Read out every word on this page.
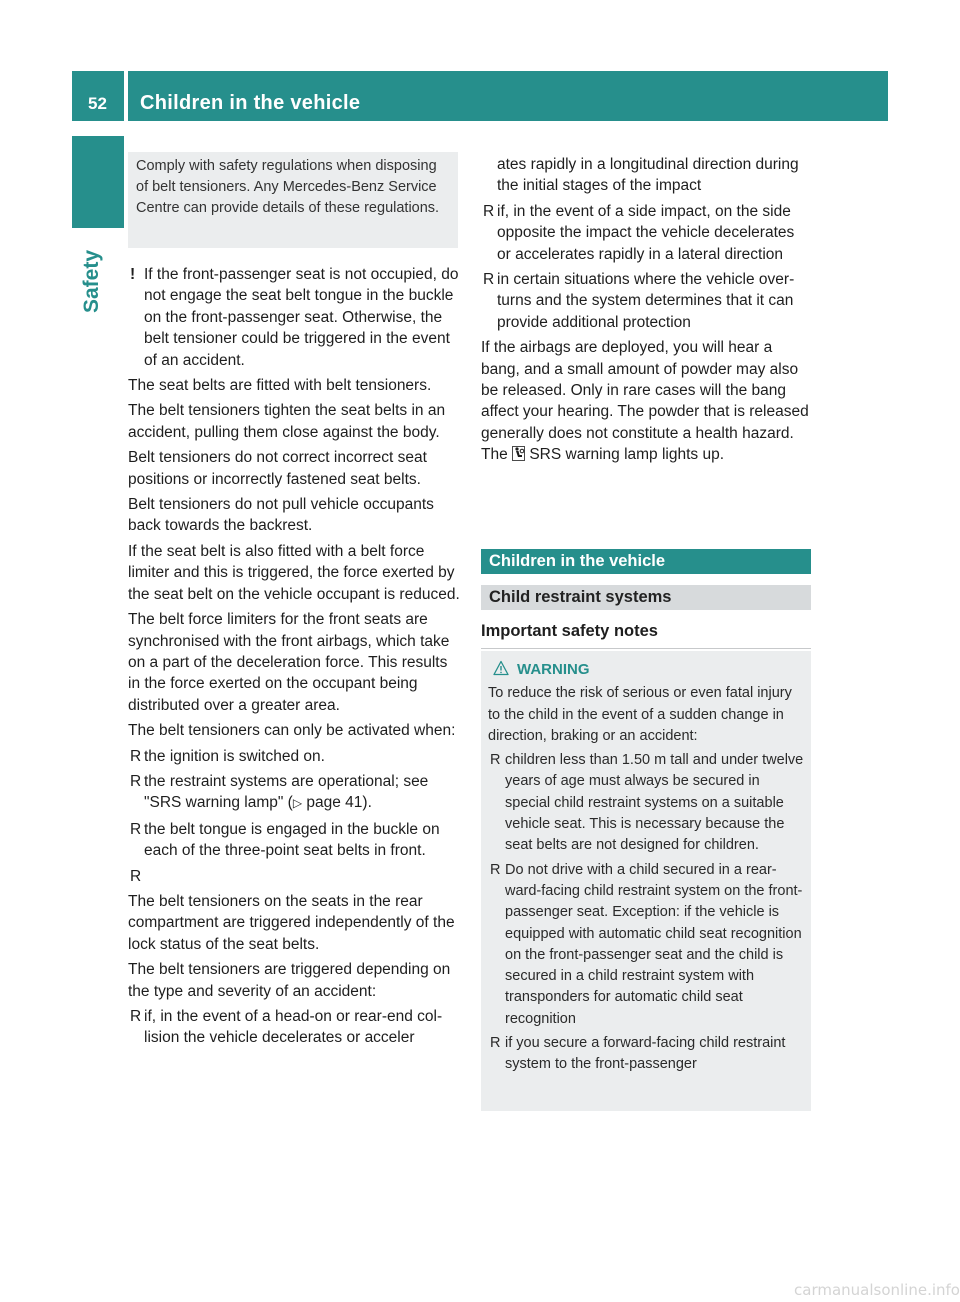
52 Children in the vehicle
Safety
Comply with safety regulations when disposing of belt tensioners. Any Mercedes-Benz Service Centre can provide details of these regulations.

! If the front-passenger seat is not occupied, do not engage the seat belt tongue in the buckle on the front-passenger seat. Otherwise, the belt tensioner could be triggered in the event of an accident.

The seat belts are fitted with belt tensioners.

The belt tensioners tighten the seat belts in an accident, pulling them close against the body.

Belt tensioners do not correct incorrect seat positions or incorrectly fastened seat belts.

Belt tensioners do not pull vehicle occupants back towards the backrest.

If the seat belt is also fitted with a belt force limiter and this is triggered, the force exerted by the seat belt on the vehicle occupant is reduced.

The belt force limiters for the front seats are synchronised with the front airbags, which take on a part of the deceleration force. This results in the force exerted on the occupant being distributed over a greater area.

The belt tensioners can only be activated when:

R the ignition is switched on.

R the restraint systems are operational; see "SRS warning lamp" (▷ page 41).

R the belt tongue is engaged in the buckle on each of the three-point seat belts in front.

R

The belt tensioners on the seats in the rear compartment are triggered independently of the lock status of the seat belts.

The belt tensioners are triggered depending on the type and severity of an accident:

R if, in the event of a head-on or rear-end collision the vehicle decelerates or acceler

ates rapidly in a longitudinal direction during the initial stages of the impact

R if, in the event of a side impact, on the side opposite the impact the vehicle decelerates or accelerates rapidly in a lateral direction

R in certain situations where the vehicle overturns and the system determines that it can provide additional protection

If the airbags are deployed, you will hear a bang, and a small amount of powder may also be released. Only in rare cases will the bang affect your hearing. The powder that is released generally does not constitute a health hazard. The  SRS warning lamp lights up.

Children in the vehicle
Child restraint systems
Important safety notes

WARNING

To reduce the risk of serious or even fatal injury to the child in the event of a sudden change in direction, braking or an accident:

R children less than 1.50 m tall and under twelve years of age must always be secured in special child restraint systems on a suitable vehicle seat. This is necessary because the seat belts are not designed for children.

R Do not drive with a child secured in a rear-ward-facing child restraint system on the front-passenger seat. Exception: if the vehicle is equipped with automatic child seat recognition on the front-passenger seat and the child is secured in a child restraint system with transponders for automatic child seat recognition

R if you secure a forward-facing child restraint system to the front-passenger

carmanualsonline.info
